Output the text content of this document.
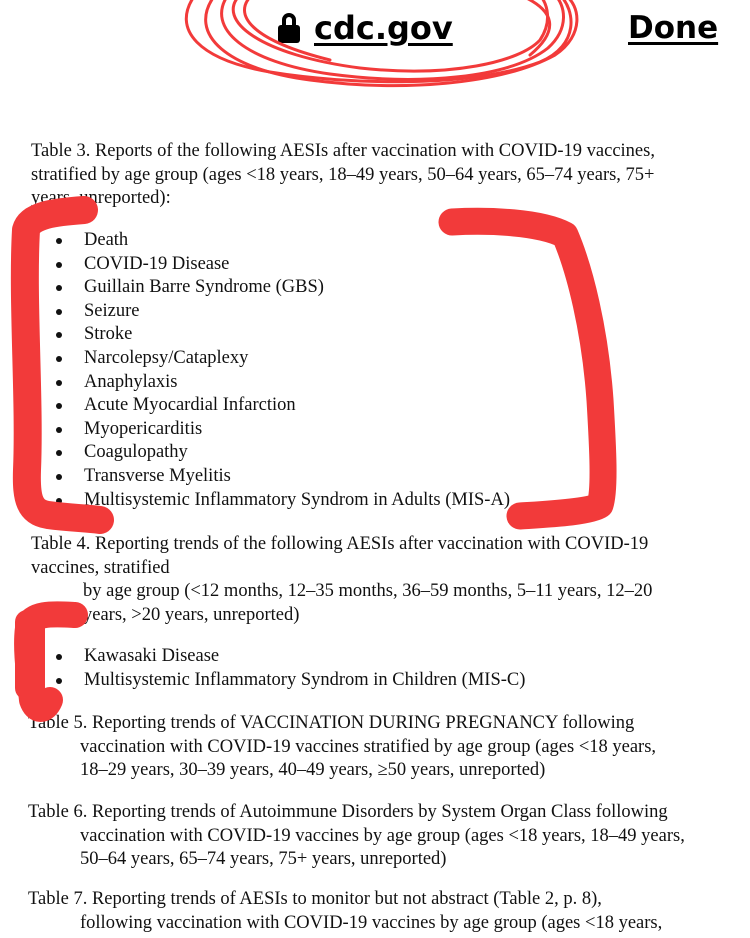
Table 3. Reports of the following AESIs after vaccination with COVID-19 vaccines,
stratified by age group (ages <18 years, 18–49 years, 50–64 years, 65–74 years, 75+
years, unreported):
Death
COVID-19 Disease
Guillain Barre Syndrome (GBS)
Seizure
Stroke
Narcolepsy/Cataplexy
Anaphylaxis
Acute Myocardial Infarction
Myopericarditis
Coagulopathy
Transverse Myelitis
Multisystemic Inflammatory Syndrom in Adults (MIS-A)
Table 4. Reporting trends of the following AESIs after vaccination with COVID-19
vaccines, stratified
by age group (<12 months, 12–35 months, 36–59 months, 5–11 years, 12–20
years, >20 years, unreported)
Kawasaki Disease
Multisystemic Inflammatory Syndrom in Children (MIS-C)
Table 5. Reporting trends of VACCINATION DURING PREGNANCY following
vaccination with COVID-19 vaccines stratified by age group (ages <18 years,
18–29 years, 30–39 years, 40–49 years, ≥50 years, unreported)
Table 6. Reporting trends of Autoimmune Disorders by System Organ Class following
vaccination with COVID-19 vaccines by age group (ages <18 years, 18–49 years,
50–64 years, 65–74 years, 75+ years, unreported)
Table 7. Reporting trends of AESIs to monitor but not abstract (Table 2, p. 8),
following vaccination with COVID-19 vaccines by age group (ages <18 years,
cdc.gov	Done
